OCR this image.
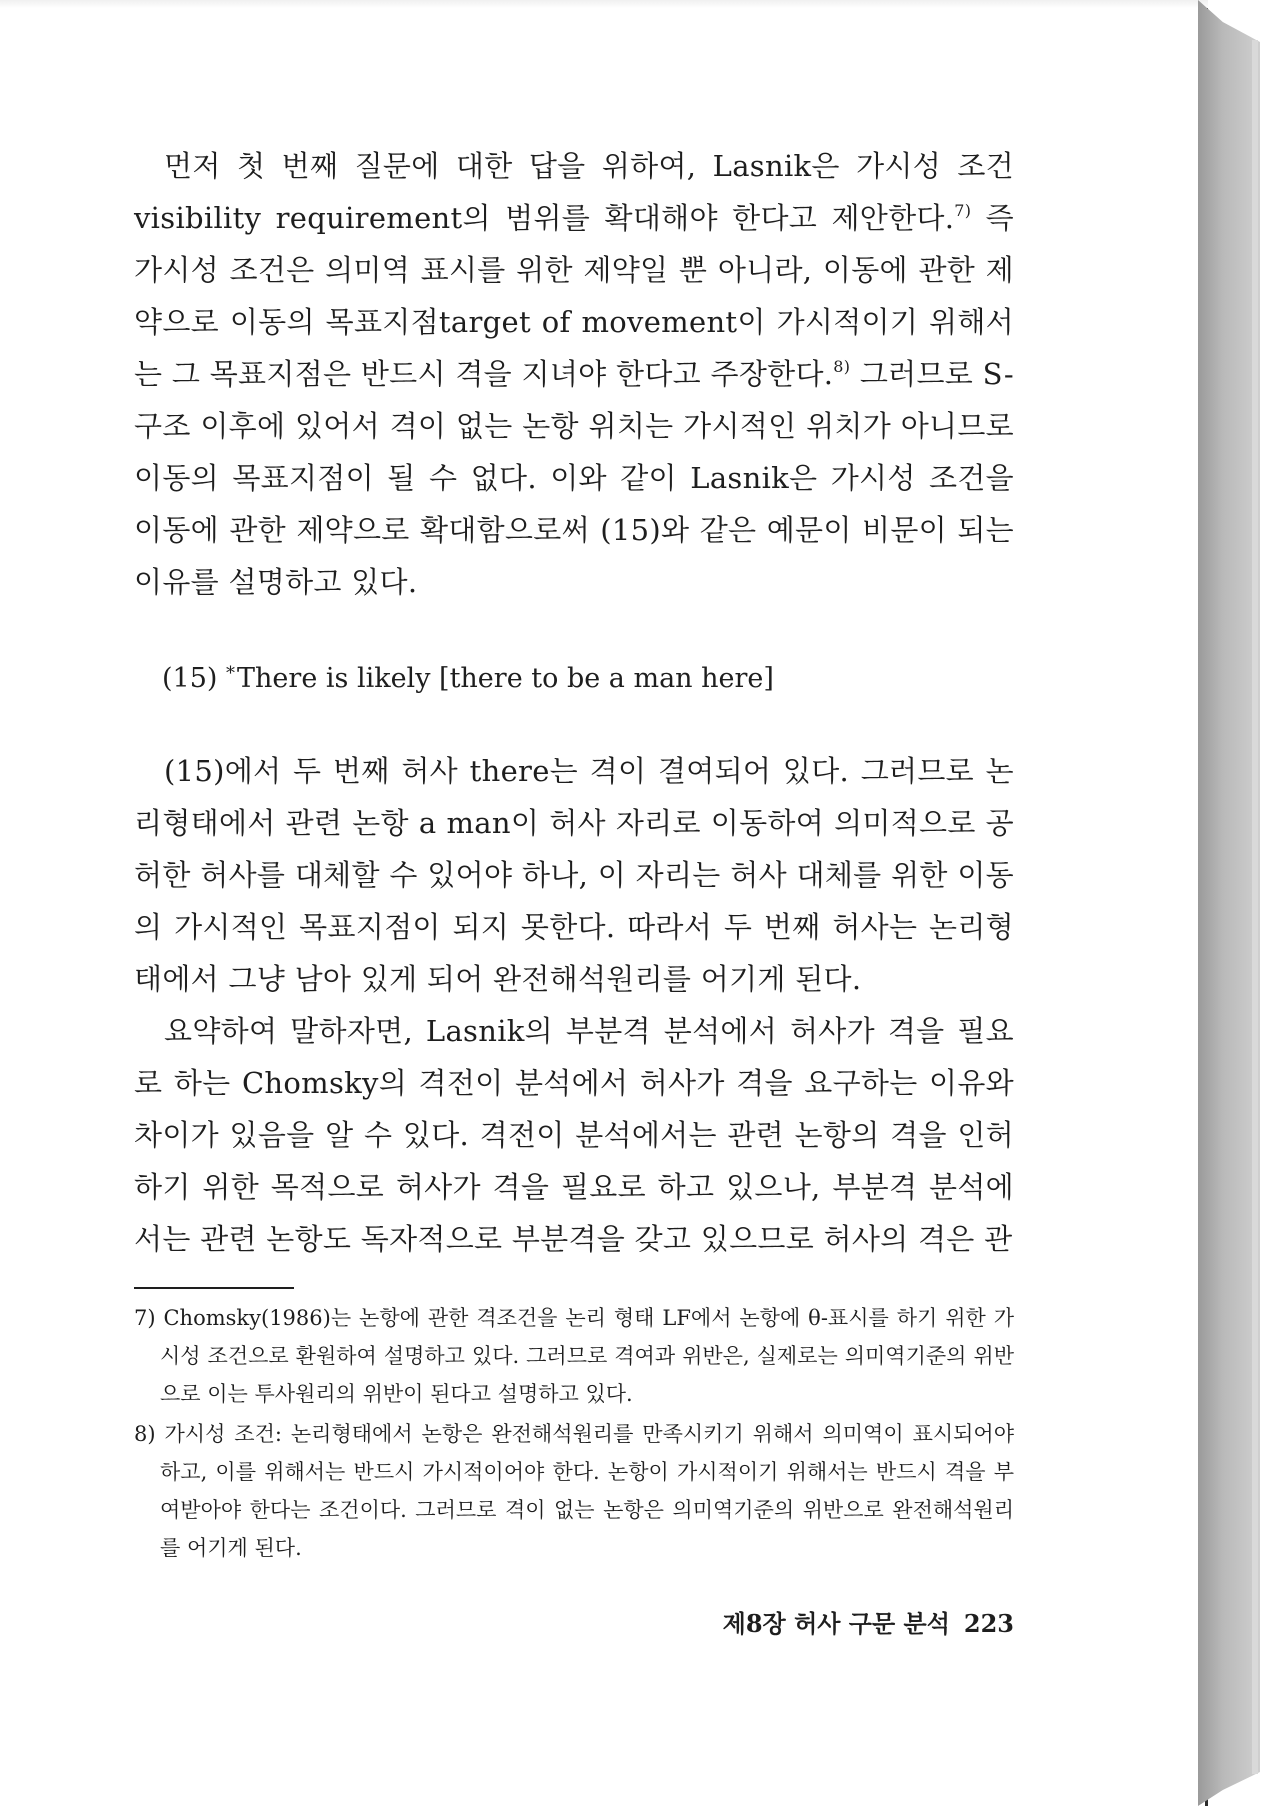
먼저 첫 번째 질문에 대한 답을 위하여, Lasnik은 가시성 조건 visibility requirement의 범위를 확대해야 한다고 제안한다.$^{7)}$ 즉 가시성 조건은 의미역 표시를 위한 제약일 뿐 아니라, 이동에 관한 제약으로 이동의 목표지점target of movement이 가시적이기 위해서는 그 목표지점은 반드시 격을 지녀야 한다고 주장한다.$^{8)}$ 그러므로 S-구조 이후에 있어서 격이 없는 논항 위치는 가시적인 위치가 아니므로 이동의 목표지점이 될 수 없다. 이와 같이 Lasnik은 가시성 조건을 이동에 관한 제약으로 확대함으로써 (15)와 같은 예문이 비문이 되는 이유를 설명하고 있다.

(15) *There is likely [there to be a man here]

(15)에서 두 번째 허사 there는 격이 결여되어 있다. 그러므로 논리형태에서 관련 논항 a man이 허사 자리로 이동하여 의미적으로 공허한 허사를 대체할 수 있어야 하나, 이 자리는 허사 대체를 위한 이동의 가시적인 목표지점이 되지 못한다. 따라서 두 번째 허사는 논리형태에서 그냥 남아 있게 되어 완전해석원리를 어기게 된다.

요약하여 말하자면, Lasnik의 부분격 분석에서 허사가 격을 필요로 하는 Chomsky의 격전이 분석에서 허사가 격을 요구하는 이유와 차이가 있음을 알 수 있다. 격전이 분석에서는 관련 논항의 격을 인허하기 위한 목적으로 허사가 격을 필요로 하고 있으나, 부분격 분석에서는 관련 논항도 독자적으로 부분격을 갖고 있으므로 허사의 격은 관

7) Chomsky(1986)는 논항에 관한 격조건을 논리 형태 LF에서 논항에 θ-표시를 하기 위한 가시성 조건으로 환원하여 설명하고 있다. 그러므로 격여과 위반은, 실제로는 의미역기준의 위반으로 이는 투사원리의 위반이 된다고 설명하고 있다.

8) 가시성 조건: 논리형태에서 논항은 완전해석원리를 만족시키기 위해서 의미역이 표시되어야 하고, 이를 위해서는 반드시 가시적이어야 한다. 논항이 가시적이기 위해서는 반드시 격을 부여받아야 한다는 조건이다. 그러므로 격이 없는 논항은 의미역기준의 위반으로 완전해석원리를 어기게 된다.

제8장 허사 구문 분석 223
